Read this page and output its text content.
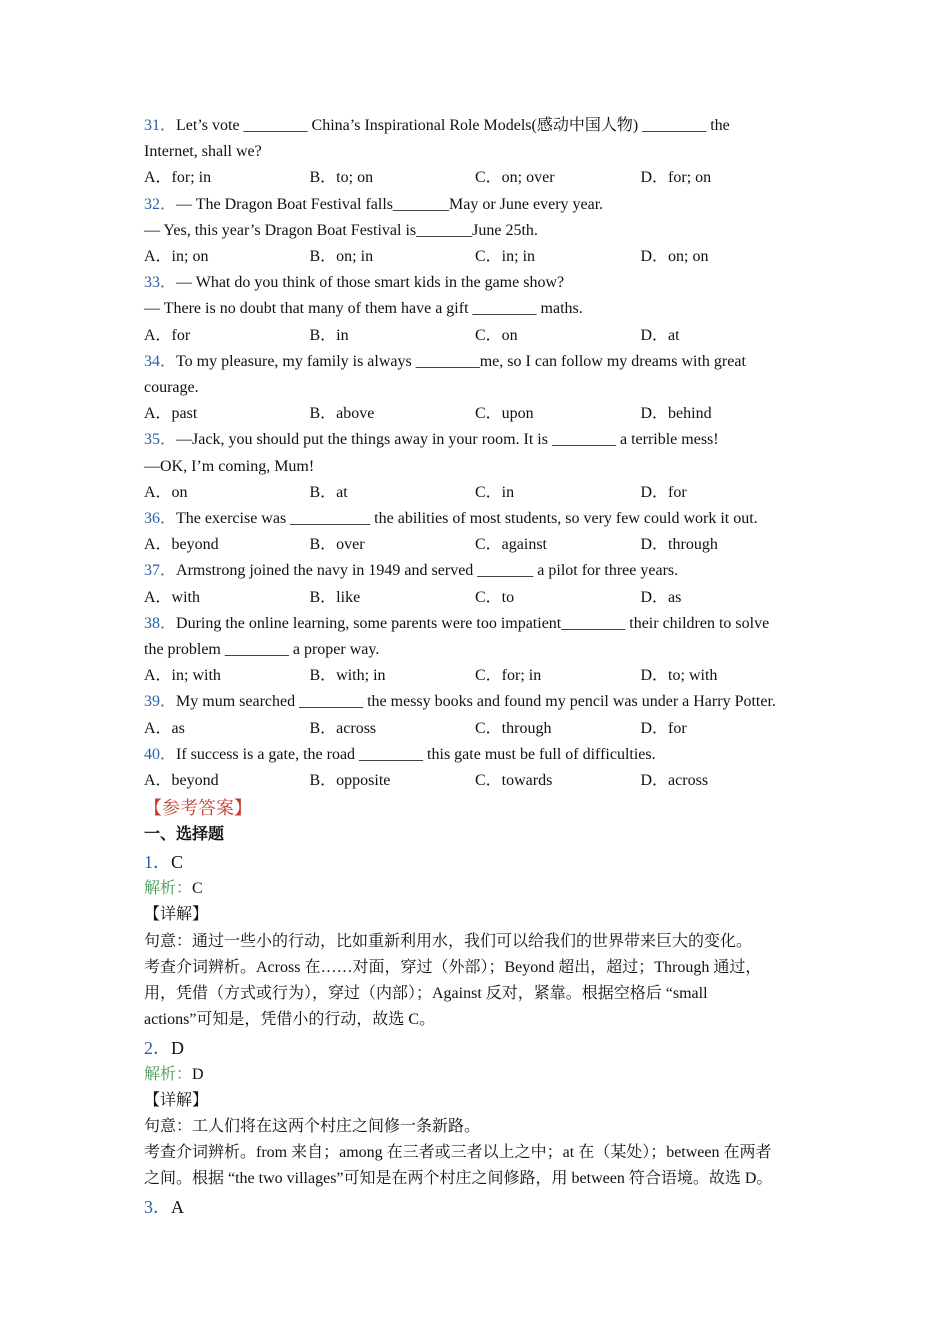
31．Let’s vote ________ China’s Inspirational Role Models(感动中国人物) ________ the
Internet, shall we?
A．for; in	B．to; on	C．on; over	D．for; on
32．— The Dragon Boat Festival falls_______May or June every year.
— Yes, this year’s Dragon Boat Festival is_______June 25th.
A．in; on	B．on; in	C．in; in	D．on; on
33．— What do you think of those smart kids in the game show?
— There is no doubt that many of them have a gift ________ maths.
A．for	B．in	C．on	D．at
34．To my pleasure, my family is always ________me, so I can follow my dreams with great
courage.
A．past	B．above	C．upon	D．behind
35．—Jack, you should put the things away in your room. It is ________ a terrible mess!
—OK, I’m coming, Mum!
A．on	B．at	C．in	D．for
36．The exercise was __________ the abilities of most students, so very few could work it out.
A．beyond	B．over	C．against	D．through
37．Armstrong joined the navy in 1949 and served _______ a pilot for three years.
A．with	B．like	C．to	D．as
38．During the online learning, some parents were too impatient________ their children to solve
the problem ________ a proper way.
A．in; with	B．with; in	C．for; in	D．to; with
39．My mum searched ________ the messy books and found my pencil was under a Harry Potter.
A．as	B．across	C．through	D．for
40．If success is a gate, the road ________ this gate must be full of difficulties.
A．beyond	B．opposite	C．towards	D．across
【参考答案】
一、选择题
1．C
解析：C
【详解】
句意：通过一些小的行动，比如重新利用水，我们可以给我们的世界带来巨大的变化。
考查介词辨析。Across 在……对面，穿过（外部）；Beyond 超出，超过；Through 通过，
用，凭借（方式或行为），穿过（内部）；Against 反对，紧靠。根据空格后 “small
actions”可知是，凭借小的行动，故选 C。
2．D
解析：D
【详解】
句意：工人们将在这两个村庄之间修一条新路。
考查介词辨析。from 来自；among 在三者或三者以上之中；at 在（某处）；between 在两者
之间。根据 “the two villages”可知是在两个村庄之间修路，用 between 符合语境。故选 D。
3．A
